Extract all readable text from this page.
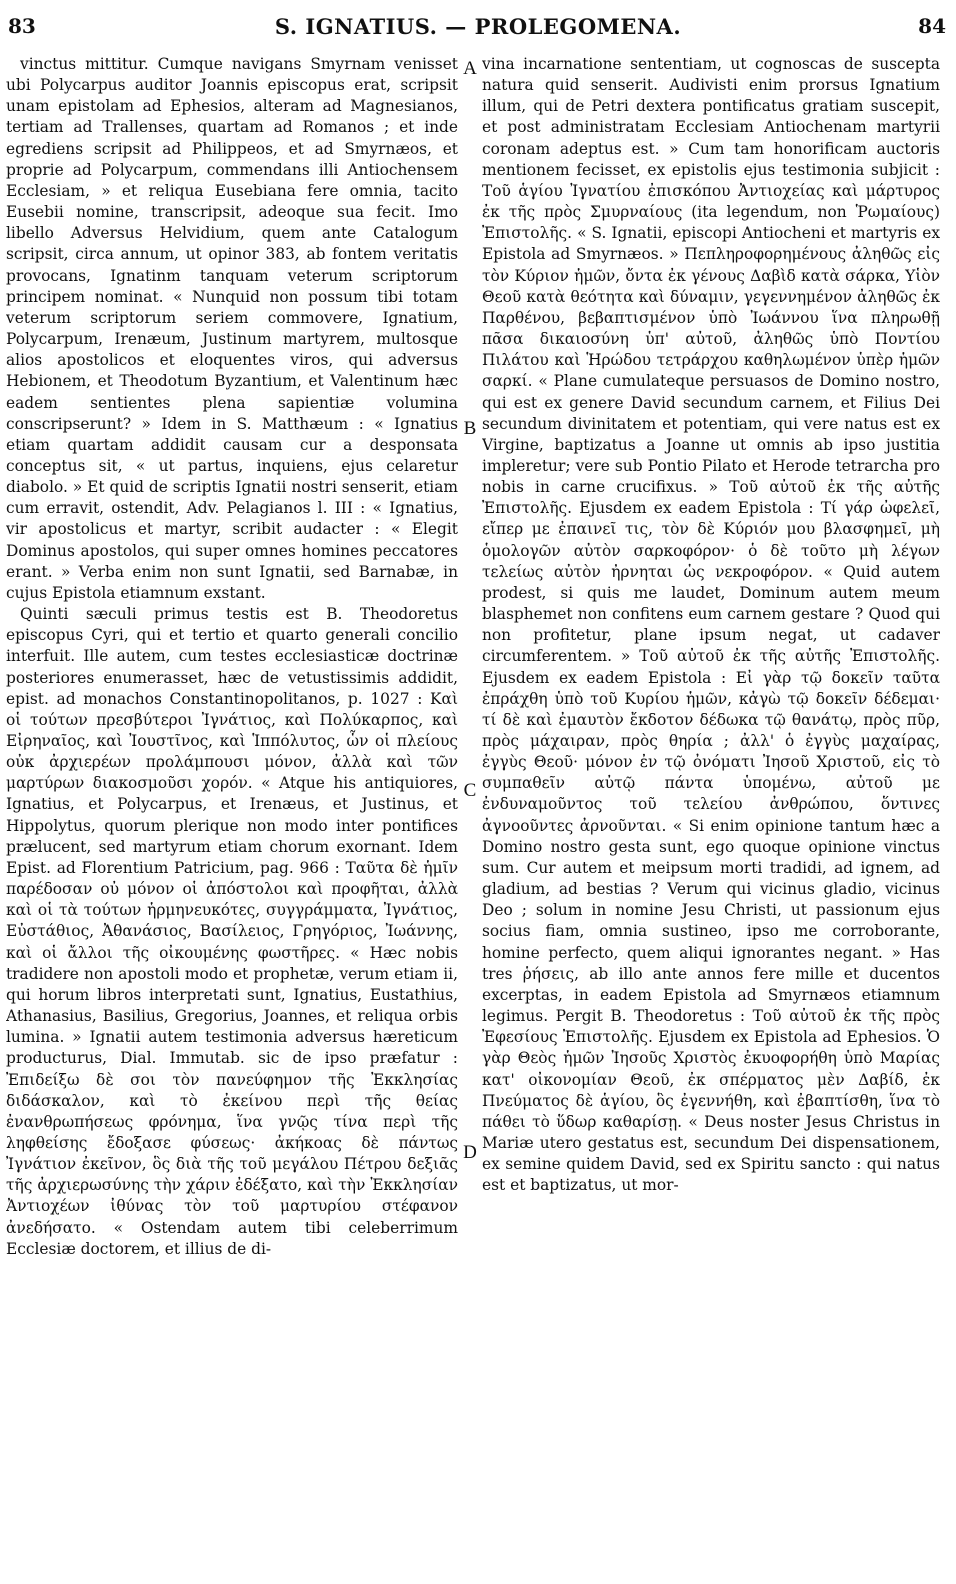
83	S. IGNATIUS. — PROLEGOMENA.	84

vinctus mittitur. Cumque navigans Smyrnam venisset ubi Polycarpus auditor Joannis episcopus erat, scripsit unam epistolam ad Ephesios, alteram ad Magnesianos, tertiam ad Trallenses, quartam ad Romanos ; et inde egrediens scripsit ad Philippeos, et ad Smyrnæos, et proprie ad Polycarpum, commendans illi Antiochensem Ecclesiam, » et reliqua Eusebiana fere omnia, tacito Eusebii nomine, transcripsit, adeoque sua fecit. Imo libello Adversus Helvidium, quem ante Catalogum scripsit, circa annum, ut opinor 383, ab fontem veritatis provocans, Ignatinm tanquam veterum scriptorum principem nominat. « Nunquid non possum tibi totam veterum scriptorum seriem commovere, Ignatium, Polycarpum, Irenæum, Justinum martyrem, multosque alios apostolicos et eloquentes viros, qui adversus Hebionem, et Theodotum Byzantium, et Valentinum hæc eadem sentientes plena sapientiæ volumina conscripserunt? » Idem in S. Matthæum : « Ignatius etiam quartam addidit causam cur a desponsata conceptus sit, « ut partus, inquiens, ejus celaretur diabolo. » Et quid de scriptis Ignatii nostri senserit, etiam cum erravit, ostendit, Adv. Pelagianos l. III : « Ignatius, vir apostolicus et martyr, scribit audacter : « Elegit Dominus apostolos, qui super omnes homines peccatores erant. » Verba enim non sunt Ignatii, sed Barnabæ, in cujus Epistola etiamnum exstant.

Quinti sæculi primus testis est B. Theodoretus episcopus Cyri, qui et tertio et quarto generali concilio interfuit. Ille autem, cum testes ecclesiasticæ doctrinæ posteriores enumerasset, hæc de vetustissimis addidit, epist. ad monachos Constantinopolitanos, p. 1027 : Καὶ οἱ τούτων πρεσβύτεροι Ἰγνάτιος, καὶ Πολύκαρπος, καὶ Εἰρηναῖος, καὶ Ἰουστῖνος, καὶ Ἱππόλυτος, ὧν οἱ πλείους οὐκ ἀρχιερέων προλάμπουσι μόνον, ἀλλὰ καὶ τῶν μαρτύρων διακοσμοῦσι χορόν. « Atque his antiquiores, Ignatius, et Polycarpus, et Irenæus, et Justinus, et Hippolytus, quorum plerique non modo inter pontifices prælucent, sed martyrum etiam chorum exornant. Idem Epist. ad Florentium Patricium, pag. 966 : Ταῦτα δὲ ἡμῖν παρέδοσαν οὐ μόνον οἱ ἀπόστολοι καὶ προφῆται, ἀλλὰ καὶ οἱ τὰ τούτων ἡρμηνευκότες, συγγράμματα, Ἰγνάτιος, Εὐστάθιος, Ἀθανάσιος, Βασίλειος, Γρηγόριος, Ἰωάννης, καὶ οἱ ἄλλοι τῆς οἰκουμένης φωστῆρες. « Hæc nobis tradidere non apostoli modo et prophetæ, verum etiam ii, qui horum libros interpretati sunt, Ignatius, Eustathius, Athanasius, Basilius, Gregorius, Joannes, et reliqua orbis lumina. » Ignatii autem testimonia adversus hæreticum producturus, Dial. Immutab. sic de ipso præfatur : Ἐπιδείξω δὲ σοι τὸν πανεύφημον τῆς Ἐκκλησίας διδάσκαλον, καὶ τὸ ἐκείνου περὶ τῆς θείας ἐνανθρωπήσεως φρόνημα, ἵνα γνῷς τίνα περὶ τῆς ληφθείσης ἔδοξασε φύσεως· ἀκήκοας δὲ πάντως Ἰγνάτιον ἐκεῖνον, ὃς διὰ τῆς τοῦ μεγάλου Πέτρου δεξιᾶς τῆς ἀρχιερωσύνης τὴν χάριν ἐδέξατο, καὶ τὴν Ἐκκλησίαν Ἀντιοχέων ἰθύνας τὸν τοῦ μαρτυρίου στέφανον ἀνεδήσατο. « Ostendam autem tibi celeberrimum Ecclesiæ doctorem, et illius de di-

A
B
C
D

vina incarnatione sententiam, ut cognoscas de suscepta natura quid senserit. Audivisti enim prorsus Ignatium illum, qui de Petri dextera pontificatus gratiam suscepit, et post administratam Ecclesiam Antiochenam martyrii coronam adeptus est. » Cum tam honorificam auctoris mentionem fecisset, ex epistolis ejus testimonia subjicit : Τοῦ ἁγίου Ἰγνατίου ἐπισκόπου Ἀντιοχείας καὶ μάρτυρος ἐκ τῆς πρὸς Σμυρναίους (ita legendum, non Ῥωμαίους) Ἐπιστολῆς. « S. Ignatii, episcopi Antiocheni et martyris ex Epistola ad Smyrnæos. » Πεπληροφορημένους ἀληθῶς εἰς τὸν Κύριον ἡμῶν, ὄντα ἐκ γένους Δαβὶδ κατὰ σάρκα, Υἱὸν Θεοῦ κατὰ θεότητα καὶ δύναμιν, γεγεννημένον ἀληθῶς ἐκ Παρθένου, βεβαπτισμένον ὑπὸ Ἰωάννου ἵνα πληρωθῇ πᾶσα δικαιοσύνη ὑπ' αὐτοῦ, ἀληθῶς ὑπὸ Ποντίου Πιλάτου καὶ Ἡρώδου τετράρχου καθηλωμένον ὑπὲρ ἡμῶν σαρκί. « Plane cumulateque persuasos de Domino nostro, qui est ex genere David secundum carnem, et Filius Dei secundum divinitatem et potentiam, qui vere natus est ex Virgine, baptizatus a Joanne ut omnis ab ipso justitia impleretur; vere sub Pontio Pilato et Herode tetrarcha pro nobis in carne crucifixus. » Τοῦ αὐτοῦ ἐκ τῆς αὐτῆς Ἐπιστολῆς. Ejusdem ex eadem Epistola : Τί γάρ ὠφελεῖ, εἴπερ με ἐπαινεῖ τις, τὸν δὲ Κύριόν μου βλασφημεῖ, μὴ ὁμολογῶν αὐτὸν σαρκοφόρον· ὁ δὲ τοῦτο μὴ λέγων τελείως αὐτὸν ἠρνηται ὡς νεκροφόρον. « Quid autem prodest, si quis me laudet, Dominum autem meum blasphemet non confitens eum carnem gestare ? Quod qui non profitetur, plane ipsum negat, ut cadaver circumferentem. » Τοῦ αὐτοῦ ἐκ τῆς αὐτῆς Ἐπιστολῆς. Ejusdem ex eadem Epistola : Εἰ γὰρ τῷ δοκεῖν ταῦτα ἐπράχθη ὑπὸ τοῦ Κυρίου ἡμῶν, κἀγὼ τῷ δοκεῖν δέδεμαι· τί δὲ καὶ ἐμαυτὸν ἔκδοτον δέδωκα τῷ θανάτῳ, πρὸς πῦρ, πρὸς μάχαιραν, πρὸς θηρία ; ἀλλ' ὁ ἐγγὺς μαχαίρας, ἐγγὺς Θεοῦ· μόνον ἐν τῷ ὀνόματι Ἰησοῦ Χριστοῦ, εἰς τὸ συμπαθεῖν αὐτῷ πάντα ὑπομένω, αὐτοῦ με ἐνδυναμοῦντος τοῦ τελείου ἀνθρώπου, ὅντινες ἀγνοοῦντες ἀρνοῦνται. « Si enim opinione tantum hæc a Domino nostro gesta sunt, ego quoque opinione vinctus sum. Cur autem et meipsum morti tradidi, ad ignem, ad gladium, ad bestias ? Verum qui vicinus gladio, vicinus Deo ; solum in nomine Jesu Christi, ut passionum ejus socius fiam, omnia sustineo, ipso me corroborante, homine perfecto, quem aliqui ignorantes negant. » Has tres ῥήσεις, ab illo ante annos fere mille et ducentos excerptas, in eadem Epistola ad Smyrnæos etiamnum legimus. Pergit B. Theodoretus : Τοῦ αὐτοῦ ἐκ τῆς πρὸς Ἐφεσίους Ἐπιστολῆς. Ejusdem ex Epistola ad Ephesios. Ὁ γὰρ Θεὸς ἡμῶν Ἰησοῦς Χριστὸς ἐκυοφορήθη ὑπὸ Μαρίας κατ' οἰκονομίαν Θεοῦ, ἐκ σπέρματος μὲν Δαβίδ, ἐκ Πνεύματος δὲ ἁγίου, ὃς ἐγεννήθη, καὶ ἐβαπτίσθη, ἵνα τὸ πάθει τὸ ὕδωρ καθαρίσῃ. « Deus noster Jesus Christus in Mariæ utero gestatus est, secundum Dei dispensationem, ex semine quidem David, sed ex Spiritu sancto : qui natus est et baptizatus, ut mor-
